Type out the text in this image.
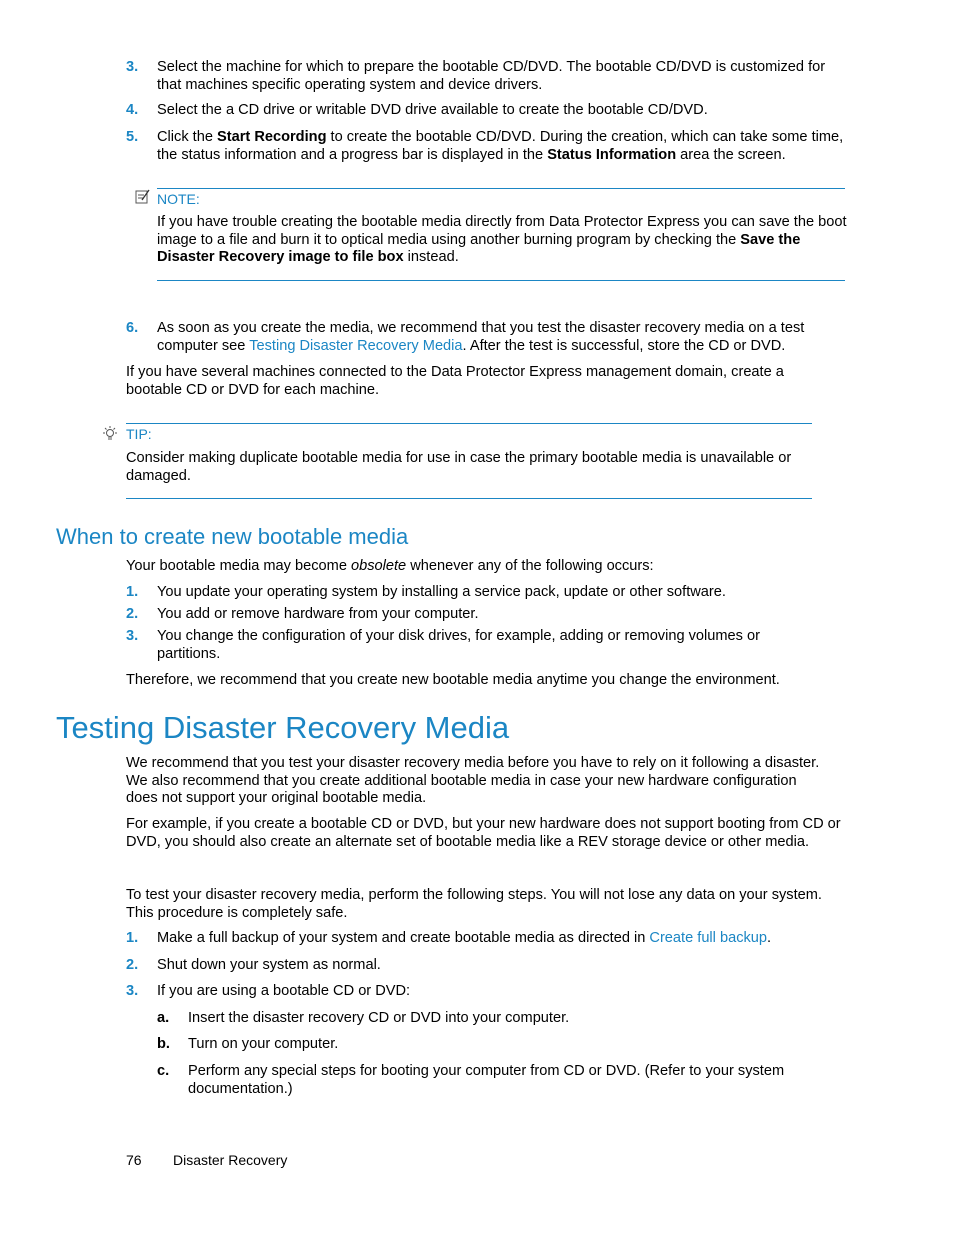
3. Select the machine for which to prepare the bootable CD/DVD. The bootable CD/DVD is customized for that machines specific operating system and device drivers.
4. Select the a CD drive or writable DVD drive available to create the bootable CD/DVD.
5. Click the Start Recording to create the bootable CD/DVD. During the creation, which can take some time, the status information and a progress bar is displayed in the Status Information area the screen.
NOTE:
If you have trouble creating the bootable media directly from Data Protector Express you can save the boot image to a file and burn it to optical media using another burning program by checking the Save the Disaster Recovery image to file box instead.
6. As soon as you create the media, we recommend that you test the disaster recovery media on a test computer see Testing Disaster Recovery Media. After the test is successful, store the CD or DVD.
If you have several machines connected to the Data Protector Express management domain, create a bootable CD or DVD for each machine.
TIP:
Consider making duplicate bootable media for use in case the primary bootable media is unavailable or damaged.
When to create new bootable media
Your bootable media may become obsolete whenever any of the following occurs:
1. You update your operating system by installing a service pack, update or other software.
2. You add or remove hardware from your computer.
3. You change the configuration of your disk drives, for example, adding or removing volumes or partitions.
Therefore, we recommend that you create new bootable media anytime you change the environment.
Testing Disaster Recovery Media
We recommend that you test your disaster recovery media before you have to rely on it following a disaster. We also recommend that you create additional bootable media in case your new hardware configuration does not support your original bootable media.
For example, if you create a bootable CD or DVD, but your new hardware does not support booting from CD or DVD, you should also create an alternate set of bootable media like a REV storage device or other media.
To test your disaster recovery media, perform the following steps. You will not lose any data on your system. This procedure is completely safe.
1. Make a full backup of your system and create bootable media as directed in Create full backup.
2. Shut down your system as normal.
3. If you are using a bootable CD or DVD:
a. Insert the disaster recovery CD or DVD into your computer.
b. Turn on your computer.
c. Perform any special steps for booting your computer from CD or DVD. (Refer to your system documentation.)
76 Disaster Recovery
